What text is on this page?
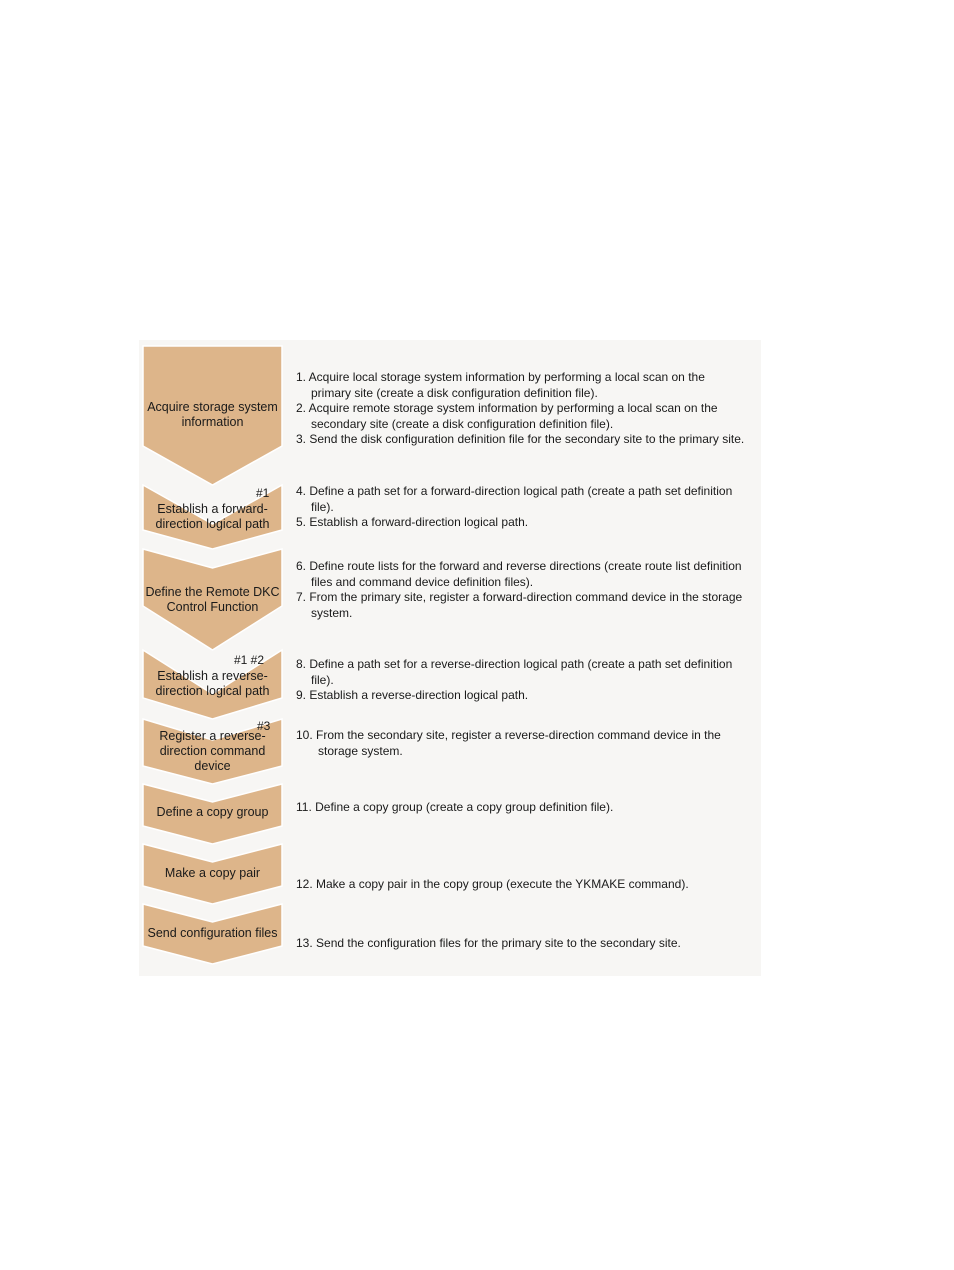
Acquire storage system
information
1. Acquire local storage system information by performing a local scan on the primary site (create a disk configuration definition file).
2. Acquire remote storage system information by performing a local scan on the secondary site (create a disk configuration definition file).
3. Send the disk configuration definition file for the secondary site to the primary site.
#1
Establish a forward-
direction logical path
4. Define a path set for a forward-direction logical path (create a path set definition file).
5. Establish a forward-direction logical path.
Define the Remote DKC
Control Function
6. Define route lists for the forward and reverse directions (create route list definition files and command device definition files).
7. From the primary site, register a forward-direction command device in the storage system.
#1 #2
Establish a reverse-
direction logical path
8. Define a path set for a reverse-direction logical path (create a path set definition file).
9. Establish a reverse-direction logical path.
#3
Register a reverse-
direction command
device
10. From the secondary site, register a reverse-direction command device in the storage system.
Define a copy group	11. Define a copy group (create a copy group definition file).
Make a copy pair
12. Make a copy pair in the copy group (execute the YKMAKE command).
Send configuration files
13. Send the configuration files for the primary site to the secondary site.
